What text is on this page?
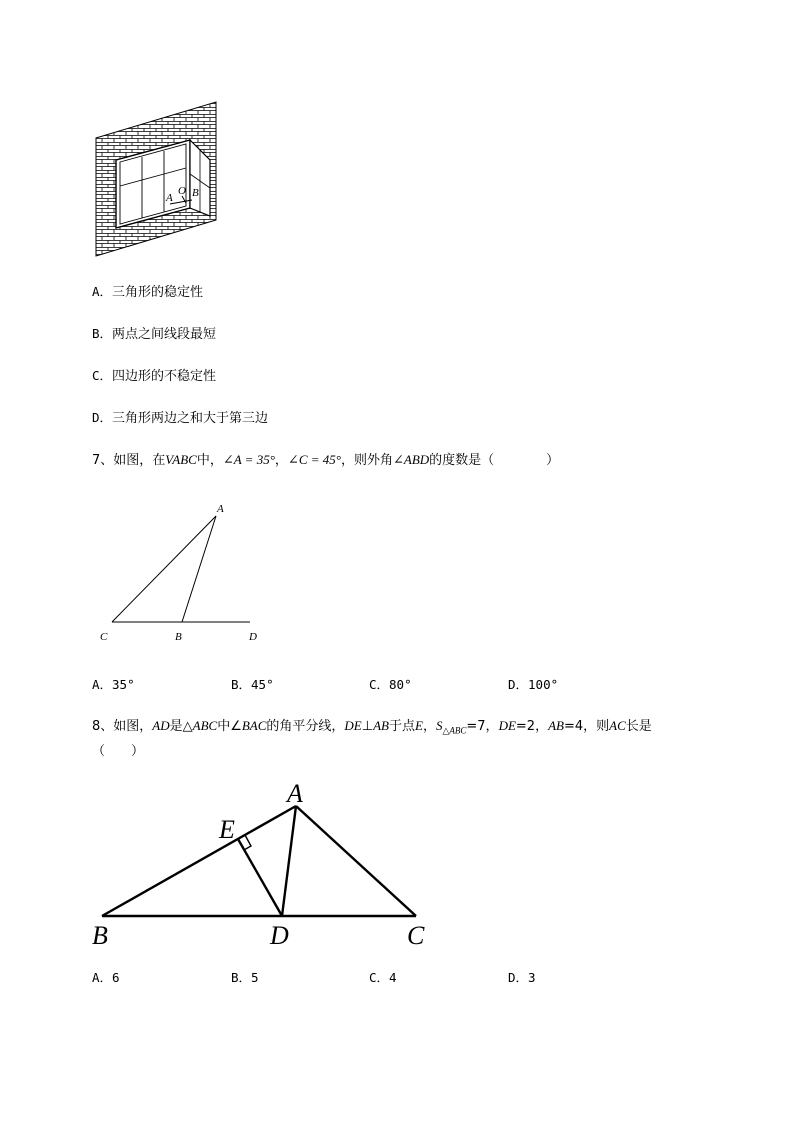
A
O B
A．三角形的稳定性
B．两点之间线段最短
C．四边形的不稳定性
D．三角形两边之和大于第三边
7、如图，在VABC中，∠A = 35°，∠C = 45°，则外角∠ABD的度数是（　　　　）
A
C	B	D
A．35°	B．45°	C．80°	D．100°
8、如图，AD是△ABC中∠BAC的角平分线，DE⊥AB于点E，$S_{\triangle ABC}=7$，DE=2，AB=4，则AC长是
（　　）
A
E
B	D	C
A．6	B．5	C．4	D．3
